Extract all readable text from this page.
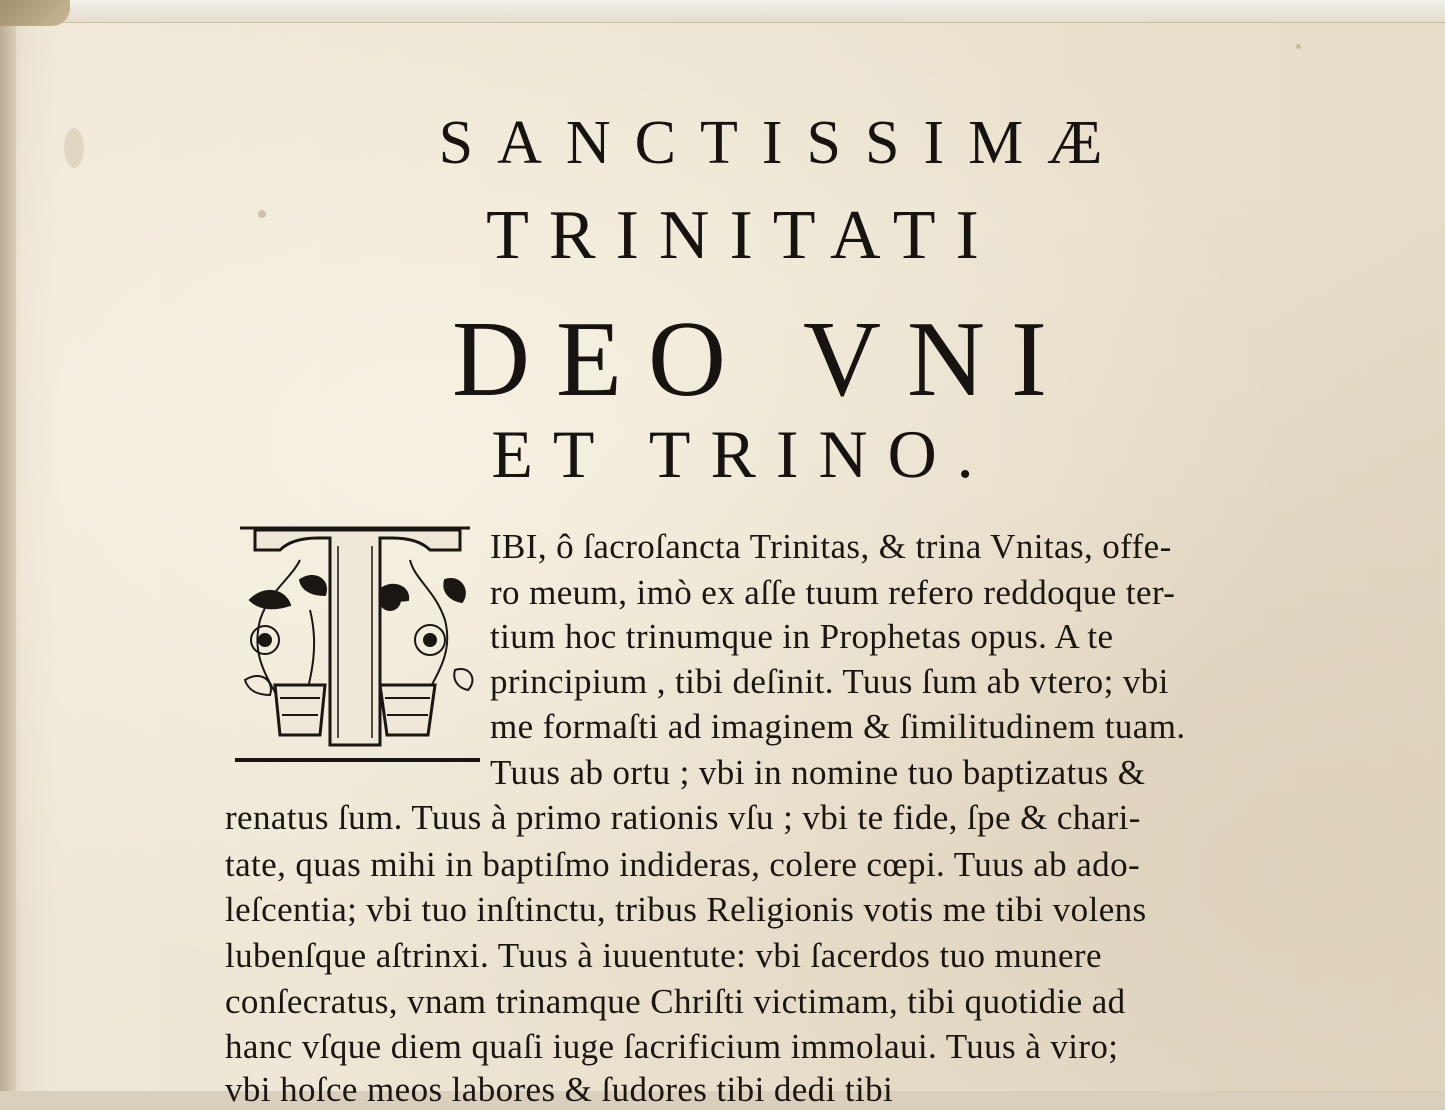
SANCTISSIMÆ
TRINITATI
DEO VNI
ET TRINO.

IBI, ô ſacroſancta Trinitas, & trina Vnitas, offe-

ro meum, imò ex aſſe tuum refero reddoque ter-

tium hoc trinumque in Prophetas opus. A te

principium , tibi deſinit. Tuus ſum ab vtero; vbi

me formaſti ad imaginem & ſimilitudinem tuam.

Tuus ab ortu ; vbi in nomine tuo baptizatus &

renatus ſum. Tuus à primo rationis vſu ; vbi te fide, ſpe & chari-

tate, quas mihi in baptiſmo indideras, colere cœpi. Tuus ab ado-

leſcentia; vbi tuo inſtinctu, tribus Religionis votis me tibi volens

lubenſque aſtrinxi. Tuus à iuuentute: vbi ſacerdos tuo munere

conſecratus, vnam trinamque Chriſti victimam, tibi quotidie ad

hanc vſque diem quaſi iuge ſacrificium immolaui. Tuus à viro;

vbi hoſce meos labores & ſudores tibi dedi tibi
